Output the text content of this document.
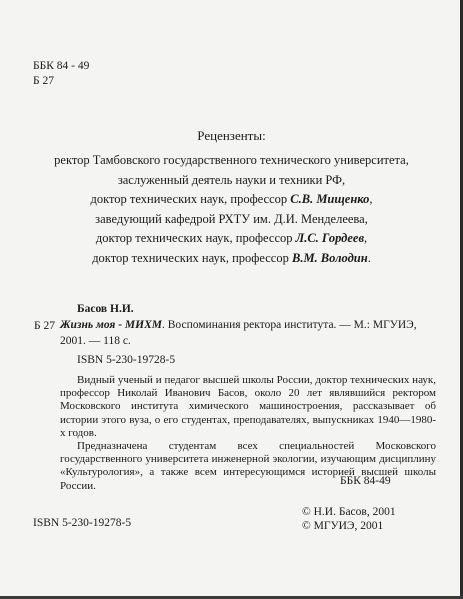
ББК 84 - 49
Б 27
Рецензенты:
ректор Тамбовского государственного технического университета,
заслуженный деятель науки и техники РФ,
доктор технических наук, профессор С.В. Мищенко,
заведующий кафедрой РХТУ им. Д.И. Менделеева,
доктор технических наук, профессор Л.С. Гордеев,
доктор технических наук, профессор В.М. Володин.
Басов Н.И.
Б 27 Жизнь моя - МИХМ. Воспоминания ректора института. — М.: МГУИЭ,
2001. — 118 с.
ISBN 5-230-19728-5

Видный ученый и педагог высшей школы России, доктор технических наук, профессор Николай Иванович Басов, около 20 лет являвшийся ректором Московского института химического машиностроения, рассказывает об истории этого вуза, о его студентах, преподавателях, выпускниках 1940—1980-х годов.

Предназначена студентам всех специальностей Московского государственного университета инженерной экологии, изучающим дисциплину «Культурология», а также всем интересующимся историей высшей школы России.	ББК 84-49
ISBN 5-230-19278-5
© Н.И. Басов, 2001
© МГУИЭ, 2001
